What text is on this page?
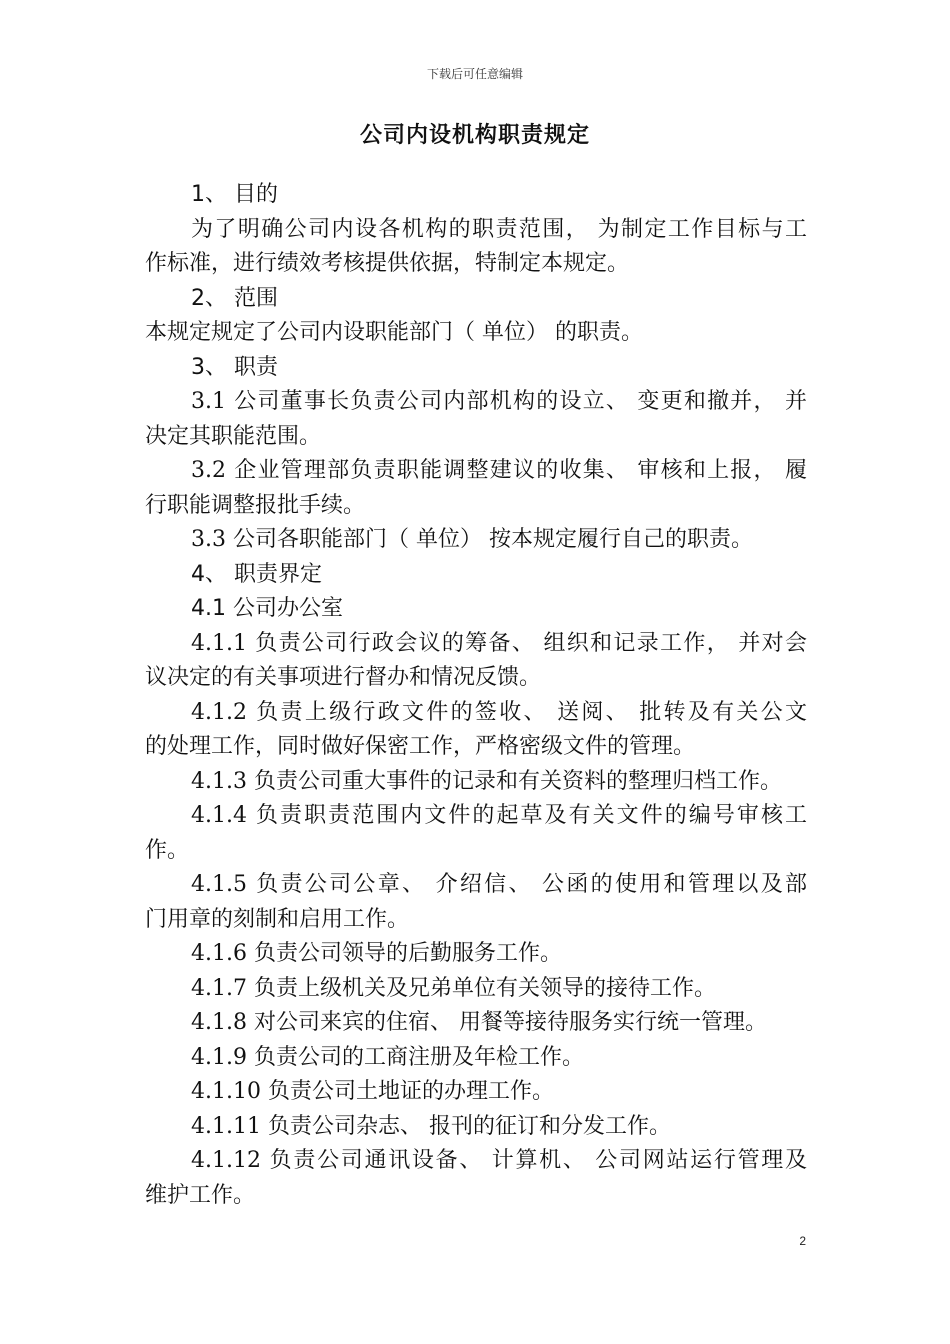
下载后可任意编辑
公司内设机构职责规定
1、 目的
为了明确公司内设各机构的职责范围， 为制定工作目标与工
作标准，进行绩效考核提供依据，特制定本规定。
2、 范围
本规定规定了公司内设职能部门（ 单位） 的职责。
3、 职责
3.1 公司董事长负责公司内部机构的设立、 变更和撤并， 并
决定其职能范围。
3.2 企业管理部负责职能调整建议的收集、 审核和上报， 履
行职能调整报批手续。
3.3 公司各职能部门（ 单位） 按本规定履行自己的职责。
4、 职责界定
4.1 公司办公室
4.1.1 负责公司行政会议的筹备、 组织和记录工作， 并对会
议决定的有关事项进行督办和情况反馈。
4.1.2 负责上级行政文件的签收、 送阅、 批转及有关公文
的处理工作，同时做好保密工作，严格密级文件的管理。
4.1.3 负责公司重大事件的记录和有关资料的整理归档工作。
4.1.4 负责职责范围内文件的起草及有关文件的编号审核工
作。
4.1.5 负责公司公章、 介绍信、 公函的使用和管理以及部
门用章的刻制和启用工作。
4.1.6 负责公司领导的后勤服务工作。
4.1.7 负责上级机关及兄弟单位有关领导的接待工作。
4.1.8 对公司来宾的住宿、 用餐等接待服务实行统一管理。
4.1.9 负责公司的工商注册及年检工作。
4.1.10 负责公司土地证的办理工作。
4.1.11 负责公司杂志、 报刊的征订和分发工作。
4.1.12 负责公司通讯设备、 计算机、 公司网站运行管理及
维护工作。
2
